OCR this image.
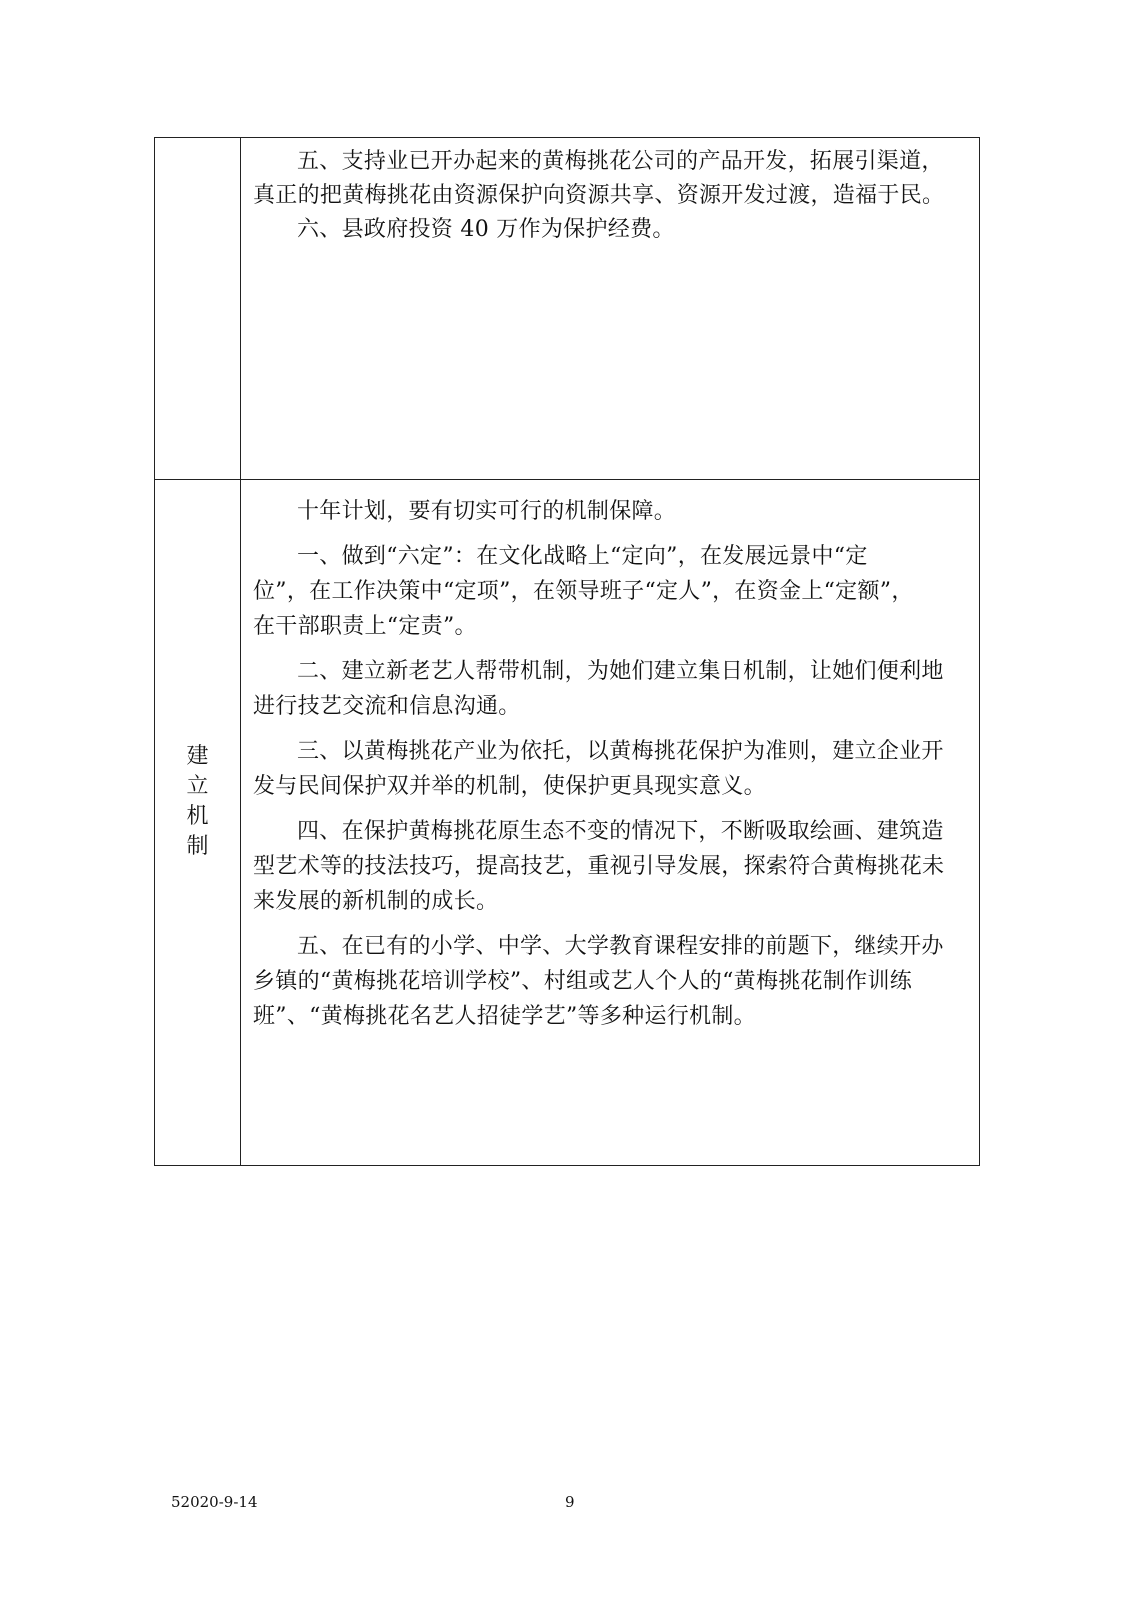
五、支持业已开办起来的黄梅挑花公司的产品开发，拓展引渠道，
真正的把黄梅挑花由资源保护向资源共享、资源开发过渡，造福于民。

六、县政府投资 40 万作为保护经费。

建
立
机
制

十年计划，要有切实可行的机制保障。

一、做到“六定”：在文化战略上“定向”，在发展远景中“定
位”，在工作决策中“定项”，在领导班子“定人”，在资金上“定额”，
在干部职责上“定责”。

二、建立新老艺人帮带机制，为她们建立集日机制，让她们便利地
进行技艺交流和信息沟通。

三、以黄梅挑花产业为依托，以黄梅挑花保护为准则，建立企业开
发与民间保护双并举的机制，使保护更具现实意义。

四、在保护黄梅挑花原生态不变的情况下，不断吸取绘画、建筑造
型艺术等的技法技巧，提高技艺，重视引导发展，探索符合黄梅挑花未
来发展的新机制的成长。

五、在已有的小学、中学、大学教育课程安排的前题下，继续开办
乡镇的“黄梅挑花培训学校”、村组或艺人个人的“黄梅挑花制作训练
班”、“黄梅挑花名艺人招徒学艺”等多种运行机制。

52020-9-14	9
